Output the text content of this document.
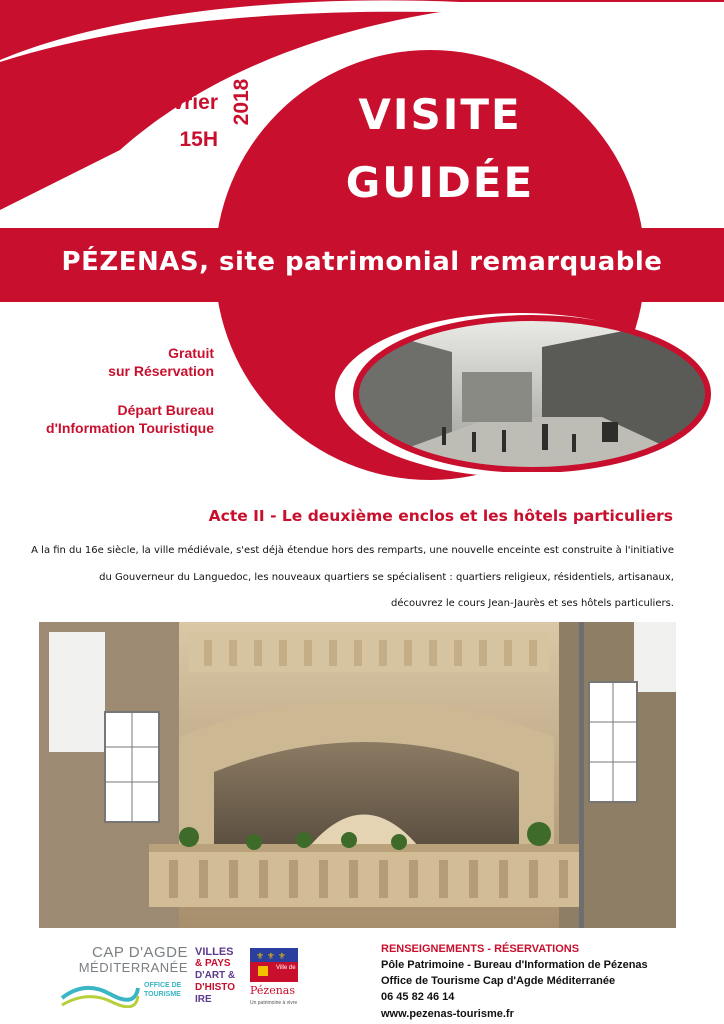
Mercredi
28 Février
15H
2018	VISITE
GUIDÉE
PÉZENAS, site patrimonial remarquable
Gratuit
sur Réservation
Départ Bureau
d'Information Touristique
Acte II - Le deuxième enclos et les hôtels particuliers
A la fin du 16e siècle, la ville médiévale, s'est déjà étendue hors des remparts, une nouvelle enceinte est construite à l'initiative
du Gouverneur du Languedoc, les nouveaux quartiers se spécialisent : quartiers religieux, résidentiels, artisanaux,
découvrez le cours Jean-Jaurès et ses hôtels particuliers.
CAP D'AGDE
MÉDITERRANÉE
OFFICE DE
TOURISME
VILLES
& PAYS
D'ART &
D'HISTO
IRE
⚜ ⚜ ⚜
Ville de
Pézenas
Un patrimoine à vivre
RENSEIGNEMENTS - RÉSERVATIONS
Pôle Patrimoine - Bureau d'Information de Pézenas
Office de Tourisme Cap d'Agde Méditerranée
06 45 82 46 14
www.pezenas-tourisme.fr
